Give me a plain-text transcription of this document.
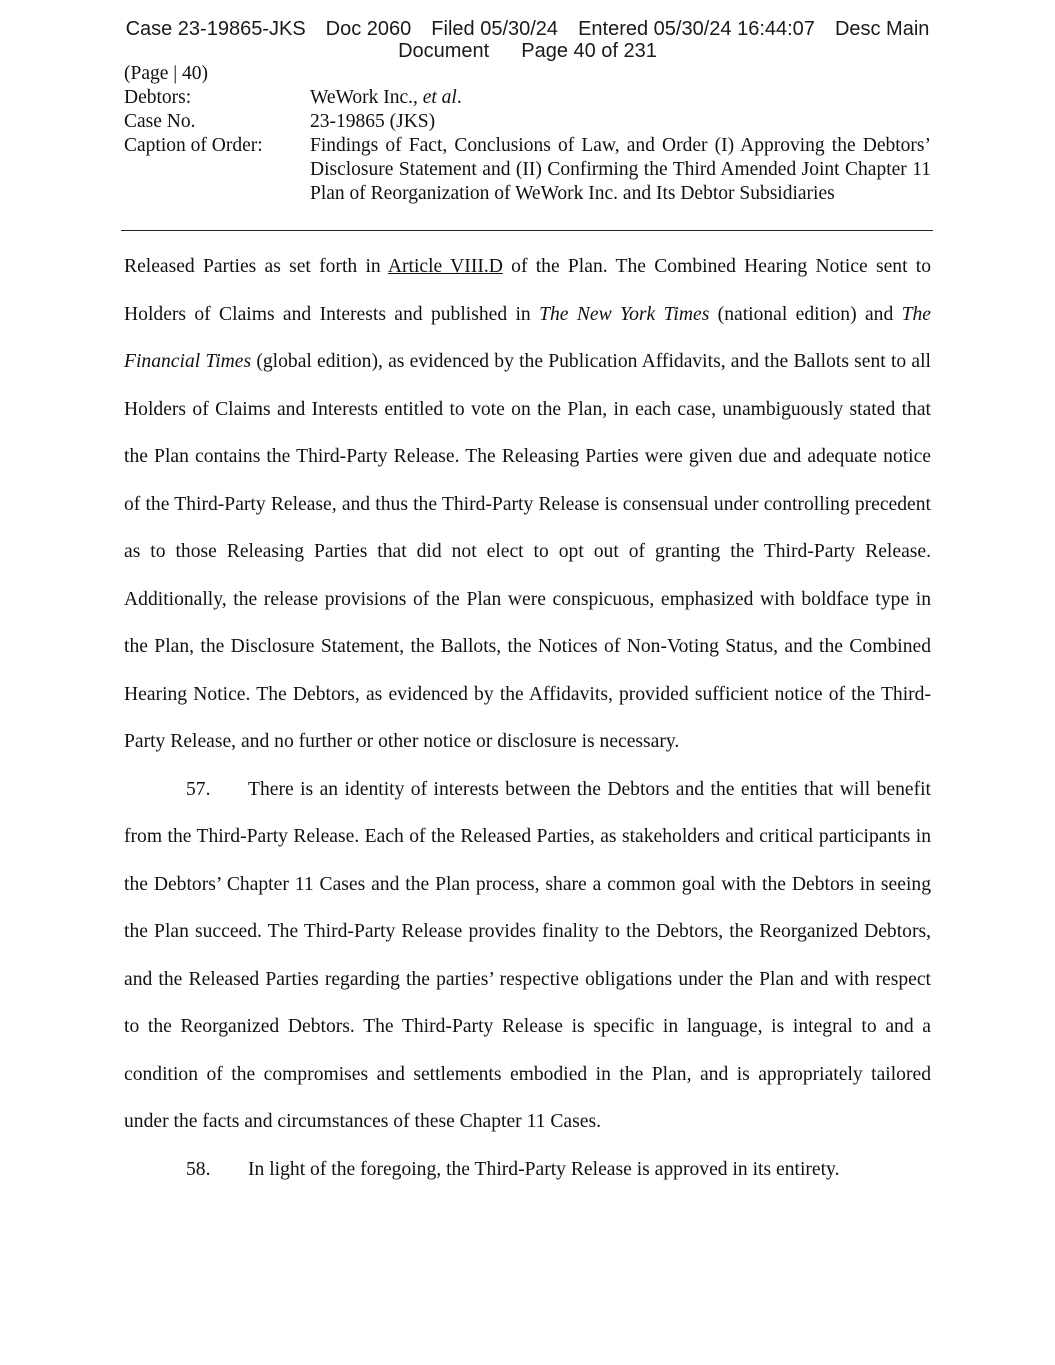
Case 23-19865-JKS Doc 2060 Filed 05/30/24 Entered 05/30/24 16:44:07 Desc Main
Document Page 40 of 231
(Page | 40)
Debtors:	WeWork Inc., et al.
Case No.	23-19865 (JKS)
Caption of Order:	Findings of Fact, Conclusions of Law, and Order (I) Approving the Debtors’ Disclosure Statement and (II) Confirming the Third Amended Joint Chapter 11 Plan of Reorganization of WeWork Inc. and Its Debtor Subsidiaries

Released Parties as set forth in Article VIII.D of the Plan. The Combined Hearing Notice sent to Holders of Claims and Interests and published in The New York Times (national edition) and The Financial Times (global edition), as evidenced by the Publication Affidavits, and the Ballots sent to all Holders of Claims and Interests entitled to vote on the Plan, in each case, unambiguously stated that the Plan contains the Third-Party Release. The Releasing Parties were given due and adequate notice of the Third-Party Release, and thus the Third-Party Release is consensual under controlling precedent as to those Releasing Parties that did not elect to opt out of granting the Third-Party Release. Additionally, the release provisions of the Plan were conspicuous, emphasized with boldface type in the Plan, the Disclosure Statement, the Ballots, the Notices of Non-Voting Status, and the Combined Hearing Notice. The Debtors, as evidenced by the Affidavits, provided sufficient notice of the Third-Party Release, and no further or other notice or disclosure is necessary.

57. There is an identity of interests between the Debtors and the entities that will benefit from the Third-Party Release. Each of the Released Parties, as stakeholders and critical participants in the Debtors’ Chapter 11 Cases and the Plan process, share a common goal with the Debtors in seeing the Plan succeed. The Third-Party Release provides finality to the Debtors, the Reorganized Debtors, and the Released Parties regarding the parties’ respective obligations under the Plan and with respect to the Reorganized Debtors. The Third-Party Release is specific in language, is integral to and a condition of the compromises and settlements embodied in the Plan, and is appropriately tailored under the facts and circumstances of these Chapter 11 Cases.

58. In light of the foregoing, the Third-Party Release is approved in its entirety.
